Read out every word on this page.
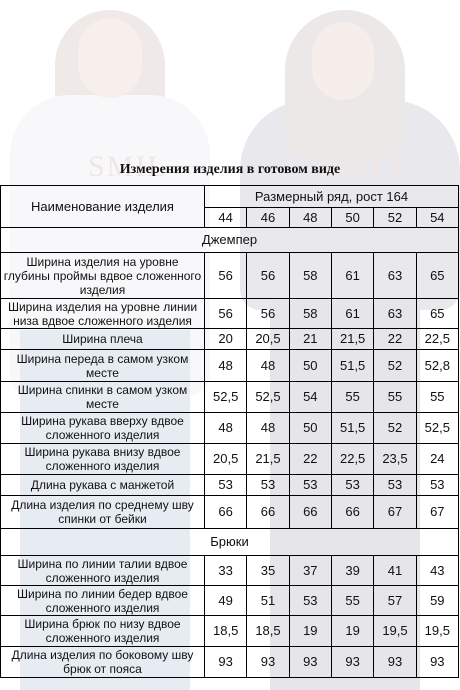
SMIL	SMILE
Измерения изделия в готовом виде
Наименование изделия	Размерный ряд, рост 164					
	44	46	48	50	52	54
Джемпер						
Ширина изделия на уровне глубины проймы вдвое сложенного изделия	56	56	58	61	63	65
Ширина изделия на уровне линии низа вдвое сложенного изделия	56	56	58	61	63	65
Ширина плеча	20	20,5	21	21,5	22	22,5
Ширина переда в самом узком месте	48	48	50	51,5	52	52,8
Ширина спинки в самом узком месте	52,5	52,5	54	55	55	55
Ширина рукава вверху вдвое сложенного изделия	48	48	50	51,5	52	52,5
Ширина рукава внизу вдвое сложенного изделия	20,5	21,5	22	22,5	23,5	24
Длина рукава с манжетой	53	53	53	53	53	53
Длина изделия по среднему шву спинки от бейки	66	66	66	66	67	67
Брюки						
Ширина по линии талии вдвое сложенного изделия	33	35	37	39	41	43
Ширина по линии бедер вдвое сложенного изделия	49	51	53	55	57	59
Ширина брюк по низу вдвое сложенного изделия	18,5	18,5	19	19	19,5	19,5
Длина изделия по боковому шву брюк от пояса	93	93	93	93	93	93
